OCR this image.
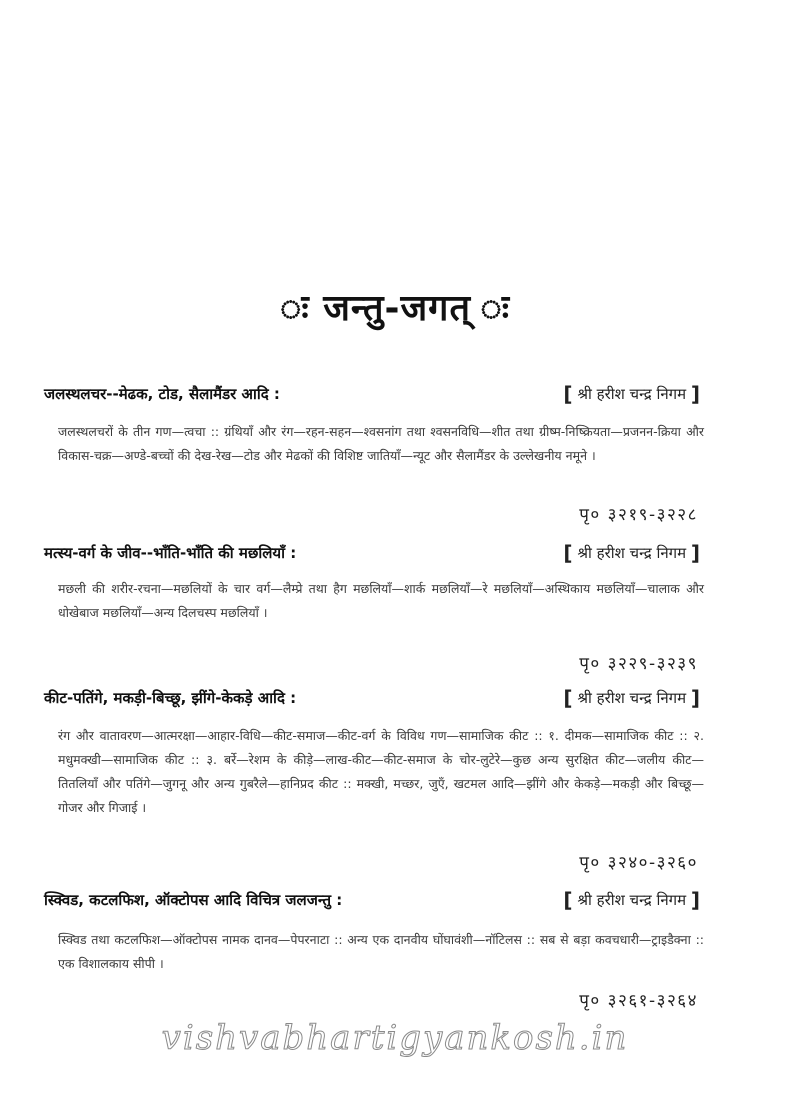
ः जन्तु-जगत् ः
जलस्थलचर--मेढक, टोड, सैलामैंडर आदि :	[ श्री हरीश चन्द्र निगम ]
जलस्थलचरों के तीन गण—त्वचा :: ग्रंथियाँ और रंग—रहन-सहन—श्वसनांग तथा श्वसनविधि—शीत तथा ग्रीष्म-निष्क्रियता—प्रजनन-क्रिया और विकास-चक्र—अण्डे-बच्चों की देख-रेख—टोड और मेढकों की विशिष्ट जातियाँ—न्यूट और सैलामैंडर के उल्लेखनीय नमूने ।
पृ० ३२१९-३२२८
मत्स्य-वर्ग के जीव--भाँति-भाँति की मछलियाँ :	[ श्री हरीश चन्द्र निगम ]
मछली की शरीर-रचना—मछलियों के चार वर्ग—लैम्प्रे तथा हैग मछलियाँ—शार्क मछलियाँ—रे मछलियाँ—अस्थिकाय मछलियाँ—चालाक और धोखेबाज मछलियाँ—अन्य दिलचस्प मछलियाँ ।
पृ० ३२२९-३२३९
कीट-पतिंगे, मकड़ी-बिच्छू, झींगे-केकड़े आदि :	[ श्री हरीश चन्द्र निगम ]
रंग और वातावरण—आत्मरक्षा—आहार-विधि—कीट-समाज—कीट-वर्ग के विविध गण—सामाजिक कीट :: १. दीमक—सामाजिक कीट :: २. मधुमक्खी—सामाजिक कीट :: ३. बर्रे—रेशम के कीड़े—लाख-कीट—कीट-समाज के चोर-लुटेरे—कुछ अन्य सुरक्षित कीट—जलीय कीट—तितलियाँ और पतिंगे—जुगनू और अन्य गुबरैले—हानिप्रद कीट :: मक्खी, मच्छर, जुएँ, खटमल आदि—झींगे और केकड़े—मकड़ी और बिच्छू—गोजर और गिजाई ।
पृ० ३२४०-३२६०
स्क्विड, कटलफिश, ऑक्टोपस आदि विचित्र जलजन्तु :	[ श्री हरीश चन्द्र निगम ]
स्क्विड तथा कटलफिश—ऑक्टोपस नामक दानव—पेपरनाटा :: अन्य एक दानवीय घोंघावंशी—नॉटिलस :: सब से बड़ा कवचधारी—ट्राइडैक्ना :: एक विशालकाय सीपी ।
पृ० ३२६१-३२६४
vishvabhartigyankosh.in
